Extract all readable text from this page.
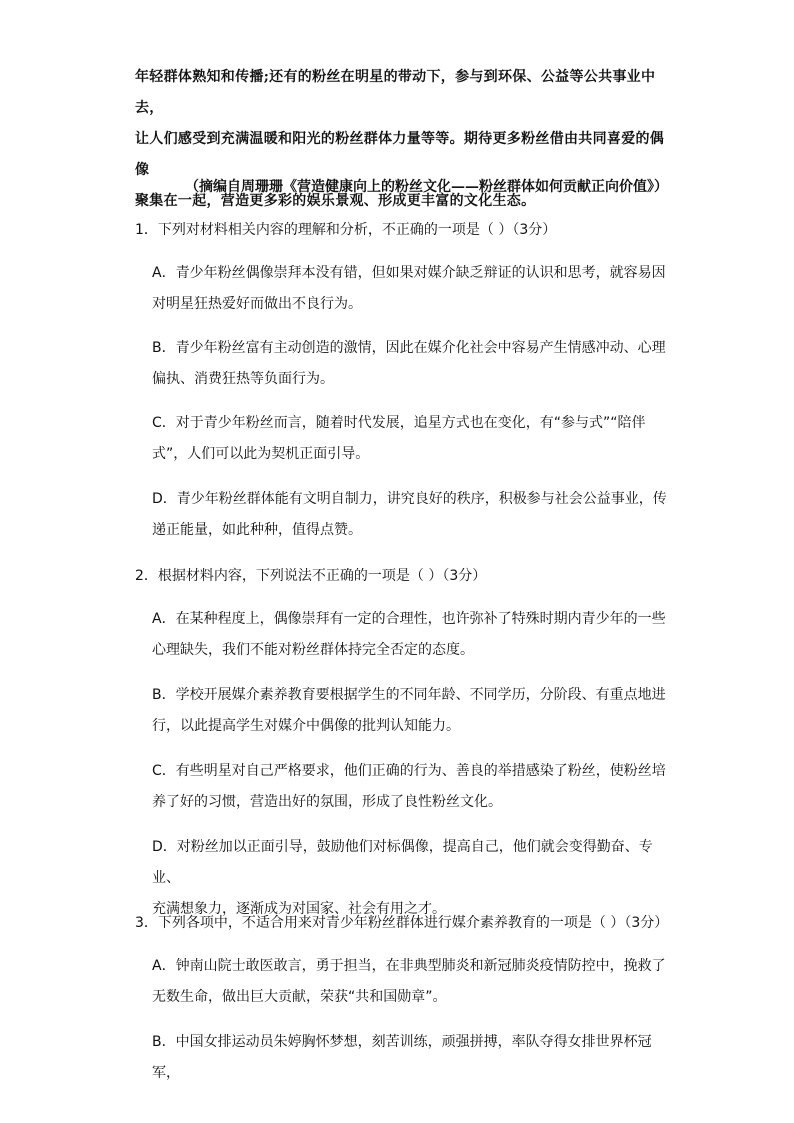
年轻群体熟知和传播;还有的粉丝在明星的带动下，参与到环保、公益等公共事业中去，

让人们感受到充满温暖和阳光的粉丝群体力量等等。期待更多粉丝借由共同喜爱的偶像

聚集在一起，营造更多彩的娱乐景观、形成更丰富的文化生态。

（摘编自周珊珊《营造健康向上的粉丝文化——粉丝群体如何贡献正向价值》）
1．下列对材料相关内容的理解和分析，不正确的一项是（ ）（3分）

A．青少年粉丝偶像崇拜本没有错，但如果对媒介缺乏辩证的认识和思考，就容易因

对明星狂热爱好而做出不良行为。

B．青少年粉丝富有主动创造的激情，因此在媒介化社会中容易产生情感冲动、心理

偏执、消费狂热等负面行为。

C．对于青少年粉丝而言，随着时代发展，追星方式也在变化，有“参与式”“陪伴

式”，人们可以此为契机正面引导。

D．青少年粉丝群体能有文明自制力，讲究良好的秩序，积极参与社会公益事业，传

递正能量，如此种种，值得点赞。

2．根据材料内容，下列说法不正确的一项是（ ）（3分）

A．在某种程度上，偶像崇拜有一定的合理性，也许弥补了特殊时期内青少年的一些

心理缺失，我们不能对粉丝群体持完全否定的态度。

B．学校开展媒介素养教育要根据学生的不同年龄、不同学历，分阶段、有重点地进

行，以此提高学生对媒介中偶像的批判认知能力。

C．有些明星对自己严格要求，他们正确的行为、善良的举措感染了粉丝，使粉丝培

养了好的习惯，营造出好的氛围，形成了良性粉丝文化。

D．对粉丝加以正面引导，鼓励他们对标偶像，提高自己，他们就会变得勤奋、专业、

充满想象力，逐渐成为对国家、社会有用之才。

3．下列各项中，不适合用来对青少年粉丝群体进行媒介素养教育的一项是（ ）（3分）

A．钟南山院士敢医敢言，勇于担当，在非典型肺炎和新冠肺炎疫情防控中，挽救了

无数生命，做出巨大贡献，荣获“共和国勋章”。

B．中国女排运动员朱婷胸怀梦想，刻苦训练，顽强拼搏，率队夺得女排世界杯冠军，
